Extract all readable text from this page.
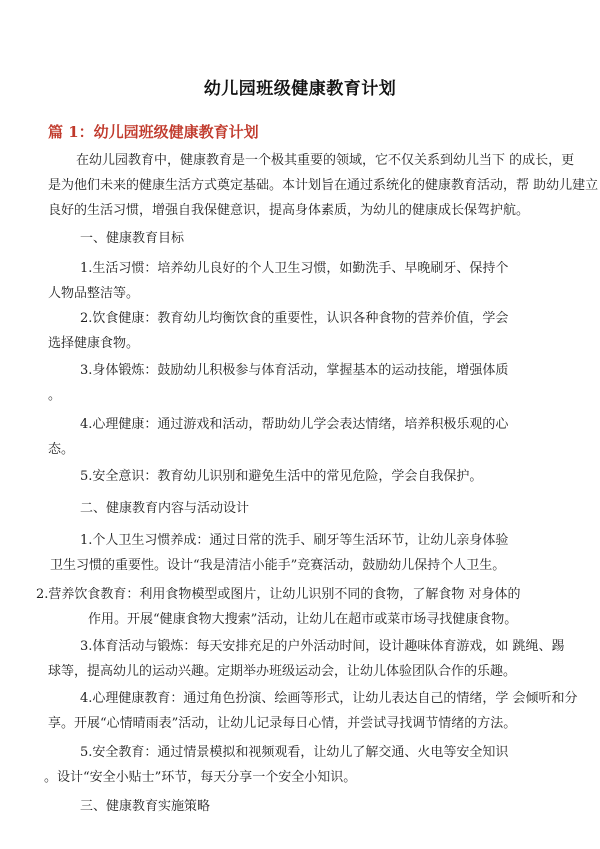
幼儿园班级健康教育计划
篇 1：幼儿园班级健康教育计划
在幼儿园教育中，健康教育是一个极其重要的领域，它不仅关系到幼儿当下 的成长，更
是为他们未来的健康生活方式奠定基础。本计划旨在通过系统化的健康教育活动，帮 助幼儿建立
良好的生活习惯，增强自我保健意识，提高身体素质，为幼儿的健康成长保驾护航。
一、健康教育目标
1.生活习惯：培养幼儿良好的个人卫生习惯，如勤洗手、早晚刷牙、保持个
人物品整洁等。
2.饮食健康：教育幼儿均衡饮食的重要性，认识各种食物的营养价值，学会
选择健康食物。
3.身体锻炼：鼓励幼儿积极参与体育活动，掌握基本的运动技能，增强体质
。
4.心理健康：通过游戏和活动，帮助幼儿学会表达情绪，培养积极乐观的心
态。
5.安全意识：教育幼儿识别和避免生活中的常见危险，学会自我保护。
二、健康教育内容与活动设计
1.个人卫生习惯养成：通过日常的洗手、刷牙等生活环节，让幼儿亲身体验
卫生习惯的重要性。设计“我是清洁小能手”竞赛活动，鼓励幼儿保持个人卫生。
2.营养饮食教育：利用食物模型或图片，让幼儿识别不同的食物，了解食物 对身体的
作用。开展“健康食物大搜索”活动，让幼儿在超市或菜市场寻找健康食物。
3.体育活动与锻炼：每天安排充足的户外活动时间，设计趣味体育游戏，如 跳绳、踢
球等，提高幼儿的运动兴趣。定期举办班级运动会，让幼儿体验团队合作的乐趣。
4.心理健康教育：通过角色扮演、绘画等形式，让幼儿表达自己的情绪，学 会倾听和分
享。开展“心情晴雨表”活动，让幼儿记录每日心情，并尝试寻找调节情绪的方法。
5.安全教育：通过情景模拟和视频观看，让幼儿了解交通、火电等安全知识
。设计“安全小贴士”环节，每天分享一个安全小知识。
三、健康教育实施策略
